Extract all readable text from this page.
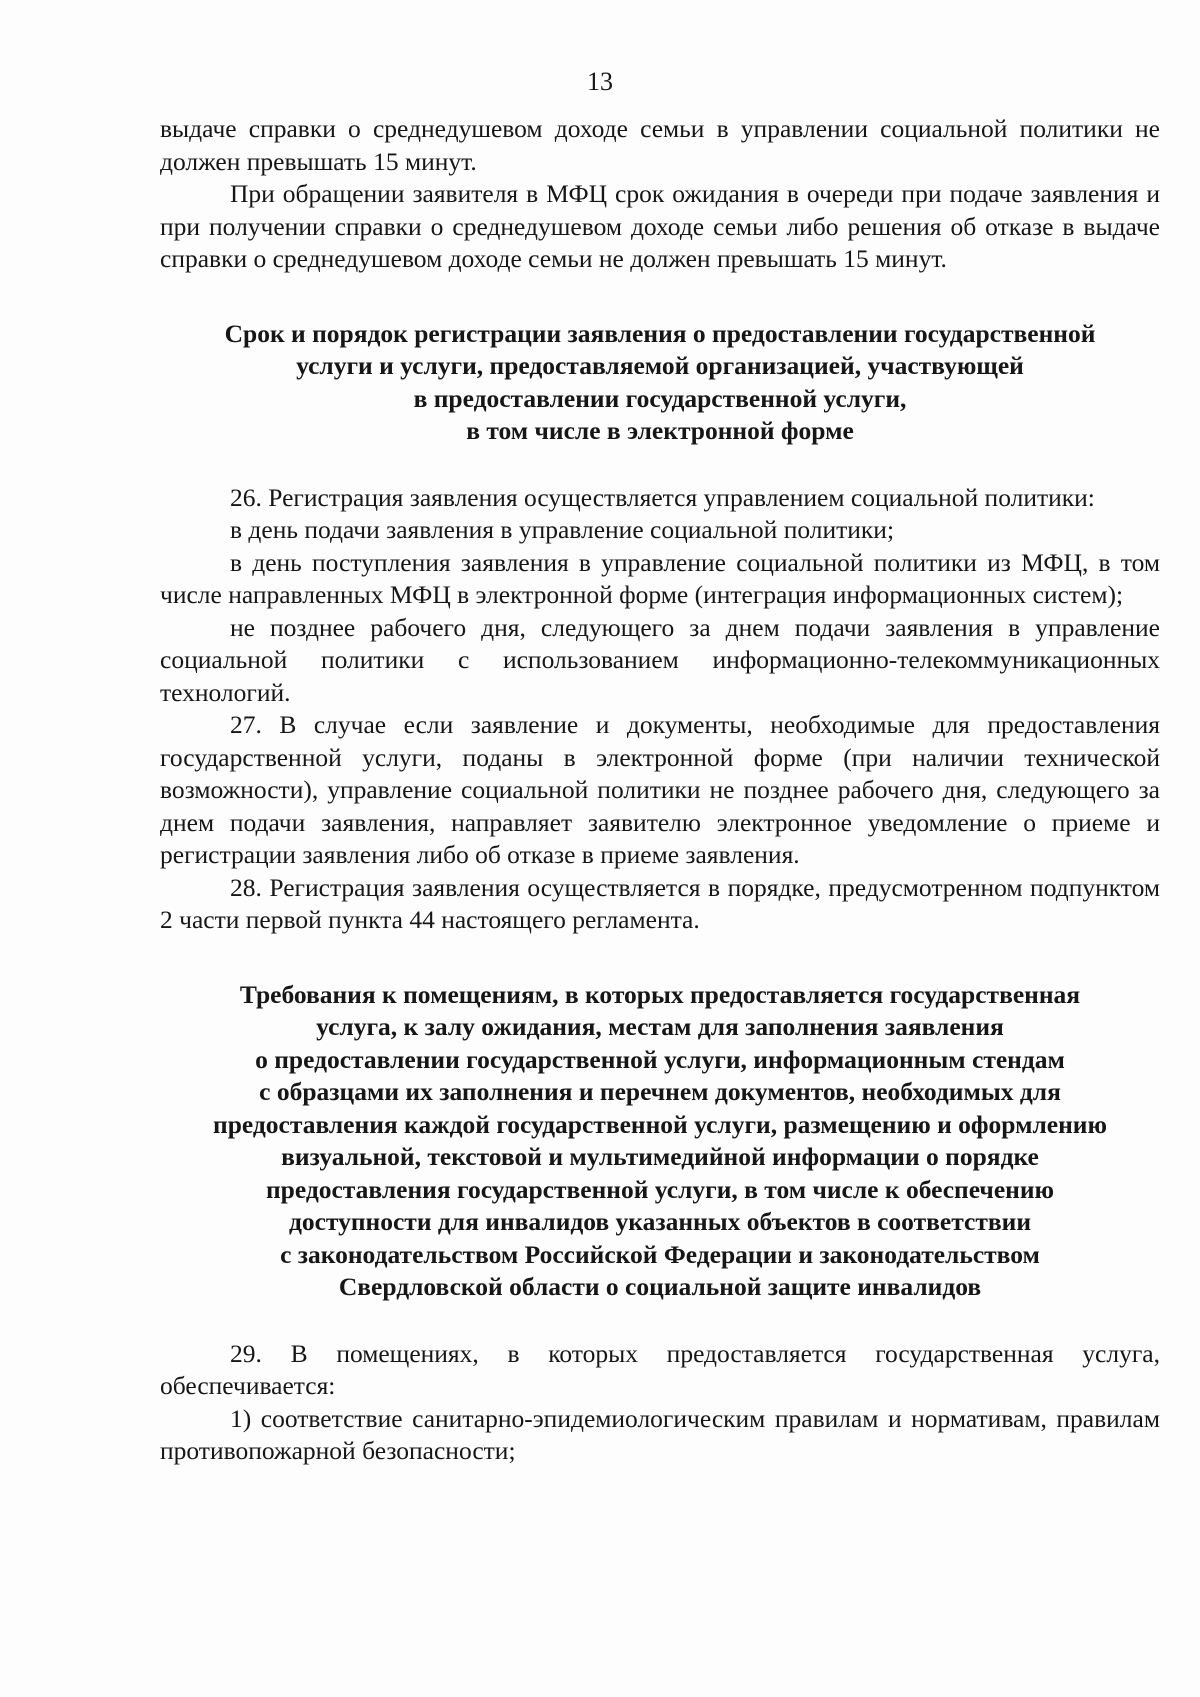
13

выдаче справки о среднедушевом доходе семьи в управлении социальной политики не должен превышать 15 минут.

При обращении заявителя в МФЦ срок ожидания в очереди при подаче заявления и при получении справки о среднедушевом доходе семьи либо решения об отказе в выдаче справки о среднедушевом доходе семьи не должен превышать 15 минут.

Срок и порядок регистрации заявления о предоставлении государственной
услуги и услуги, предоставляемой организацией, участвующей
в предоставлении государственной услуги,
в том числе в электронной форме

26. Регистрация заявления осуществляется управлением социальной политики:

в день подачи заявления в управление социальной политики;

в день поступления заявления в управление социальной политики из МФЦ, в том числе направленных МФЦ в электронной форме (интеграция информационных систем);

не позднее рабочего дня, следующего за днем подачи заявления в управление социальной политики с использованием информационно-телекоммуникационных технологий.

27. В случае если заявление и документы, необходимые для предоставления государственной услуги, поданы в электронной форме (при наличии технической возможности), управление социальной политики не позднее рабочего дня, следующего за днем подачи заявления, направляет заявителю электронное уведомление о приеме и регистрации заявления либо об отказе в приеме заявления.

28. Регистрация заявления осуществляется в порядке, предусмотренном подпунктом 2 части первой пункта 44 настоящего регламента.

Требования к помещениям, в которых предоставляется государственная
услуга, к залу ожидания, местам для заполнения заявления
о предоставлении государственной услуги, информационным стендам
с образцами их заполнения и перечнем документов, необходимых для
предоставления каждой государственной услуги, размещению и оформлению
визуальной, текстовой и мультимедийной информации о порядке
предоставления государственной услуги, в том числе к обеспечению
доступности для инвалидов указанных объектов в соответствии
с законодательством Российской Федерации и законодательством
Свердловской области о социальной защите инвалидов

29. В помещениях, в которых предоставляется государственная услуга, обеспечивается:

1) соответствие санитарно-эпидемиологическим правилам и нормативам, правилам противопожарной безопасности;
